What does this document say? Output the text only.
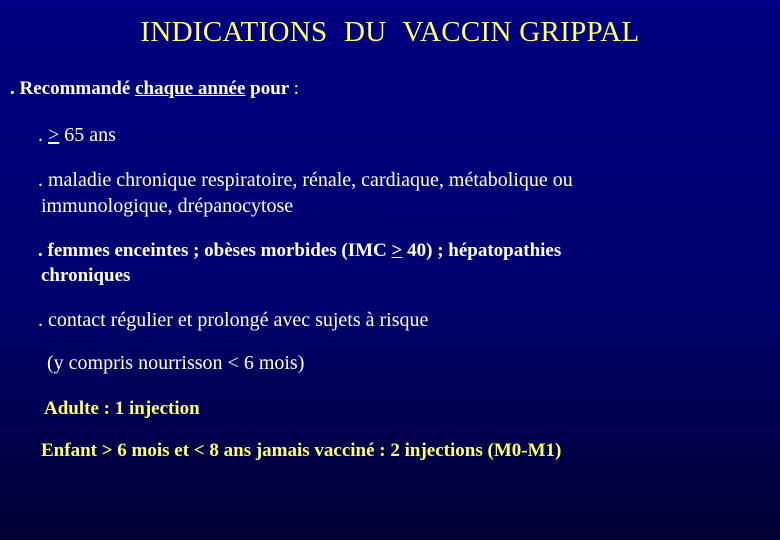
INDICATIONS DU VACCIN GRIPPAL
. Recommandé chaque année pour :
. > 65 ans
. maladie chronique respiratoire, rénale, cardiaque, métabolique ou
immunologique, drépanocytose
. femmes enceintes ; obèses morbides (IMC > 40) ; hépatopathies
chroniques
. contact régulier et prolongé avec sujets à risque
(y compris nourrisson < 6 mois)
Adulte : 1 injection
Enfant > 6 mois et < 8 ans jamais vacciné : 2 injections (M0-M1)
